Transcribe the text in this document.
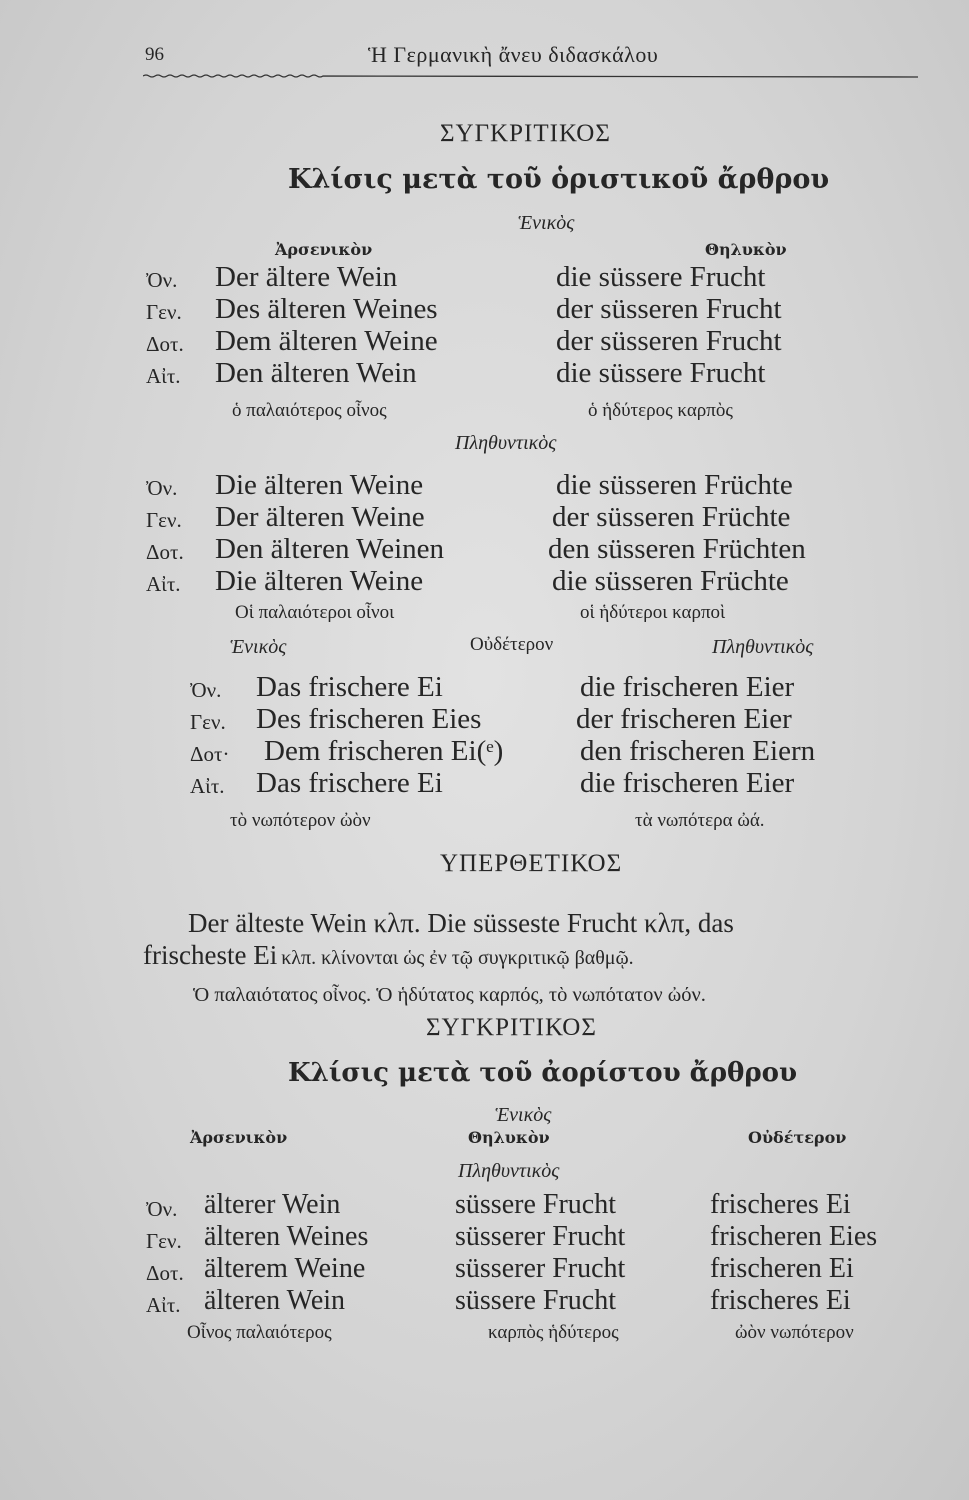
96	Ἡ Γερμανικὴ ἄνευ διδασκάλου
ΣΥΓΚΡΙΤΙΚΟΣ
Κλίσις μετὰ τοῦ ὁριστικοῦ ἄρθρου
Ἑνικὸς
Ἀρσενικὸν	Θηλυκὸν
Ὀν. Der ältere Wein	die süssere Frucht
Γεν. Des älteren Weines	der süsseren Frucht
Δοτ. Dem älteren Weine	der süsseren Frucht
Αἰτ. Den älteren Wein	die süssere Frucht
ὁ παλαιότερος οἶνος	ὁ ἡδύτερος καρπὸς
Πληθυντικὸς
Ὀν. Die älteren Weine	die süsseren Früchte
Γεν. Der älteren Weine	der süsseren Früchte
Δοτ. Den älteren Weinen	den süsseren Früchten
Αἰτ. Die älteren Weine	die süsseren Früchte
Οἱ παλαιότεροι οἶνοι	οἱ ἡδύτεροι καρποὶ
Ἑνικὸς	Οὐδέτερον	Πληθυντικὸς
Ὀν. Das frischere Ei	die frischeren Eier
Γεν. Des frischeren Eies	der frischeren Eier
Δοτ· Dem frischeren Ei(ᵉ)	den frischeren Eiern
Αἰτ. Das frischere Ei	die frischeren Eier
τὸ νωπότερον ὠὸν	τὰ νωπότερα ὠά.
ΥΠΕΡΘΕΤΙΚΟΣ
Der älteste Wein κλπ. Die süsseste Frucht κλπ, das
frischeste Ei κλπ. κλίνονται ὡς ἐν τῷ συγκριτικῷ βαθμῷ.
Ὁ παλαιότατος οἶνος. Ὁ ἡδύτατος καρπός, τὸ νωπότατον ὠόν.
ΣΥΓΚΡΙΤΙΚΟΣ
Κλίσις μετὰ τοῦ ἀορίστου ἄρθρου
Ἑνικὸς
Ἀρσενικὸν	Θηλυκὸν	Οὐδέτερον
Πληθυντικὸς
Ὀν. älterer Wein	süssere Frucht	frischeres Ei
Γεν. älteren Weines	süsserer Frucht	frischeren Eies
Δοτ. älterem Weine	süsserer Frucht	frischeren Ei
Αἰτ. älteren Wein	süssere Frucht	frischeres Ei
Οἶνος παλαιότερος	καρπὸς ἡδύτερος	ὠὸν νωπότερον
